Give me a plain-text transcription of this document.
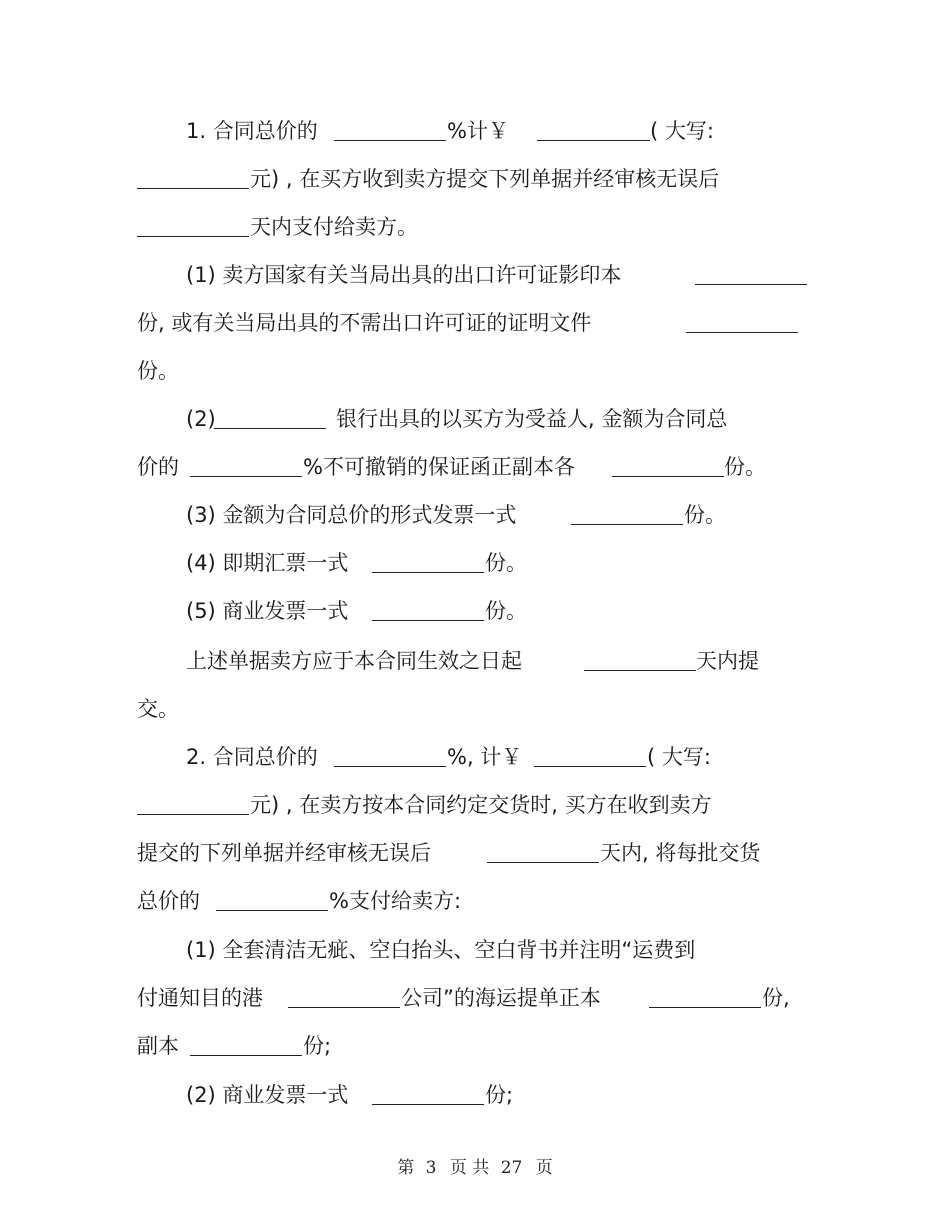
1. 合同总价的	%计￥	( 大写:
元) , 在买方收到卖方提交下列单据并经审核无误后
天内支付给卖方。
(1) 卖方国家有关当局出具的出口许可证影印本
份, 或有关当局出具的不需出口许可证的证明文件
份。
(2)	银行出具的以买方为受益人, 金额为合同总
价的	%不可撤销的保证函正副本各	份。
(3) 金额为合同总价的形式发票一式	份。
(4) 即期汇票一式	份。
(5) 商业发票一式	份。
上述单据卖方应于本合同生效之日起	天内提
交。
2. 合同总价的	%, 计￥	( 大写:
元) , 在卖方按本合同约定交货时, 买方在收到卖方
提交的下列单据并经审核无误后	天内, 将每批交货
总价的	%支付给卖方:
(1) 全套清洁无疵、空白抬头、空白背书并注明“运费到
付通知目的港	公司”的海运提单正本	份,
副本	份;
(2) 商业发票一式	份;
第 3 页 共 27 页
